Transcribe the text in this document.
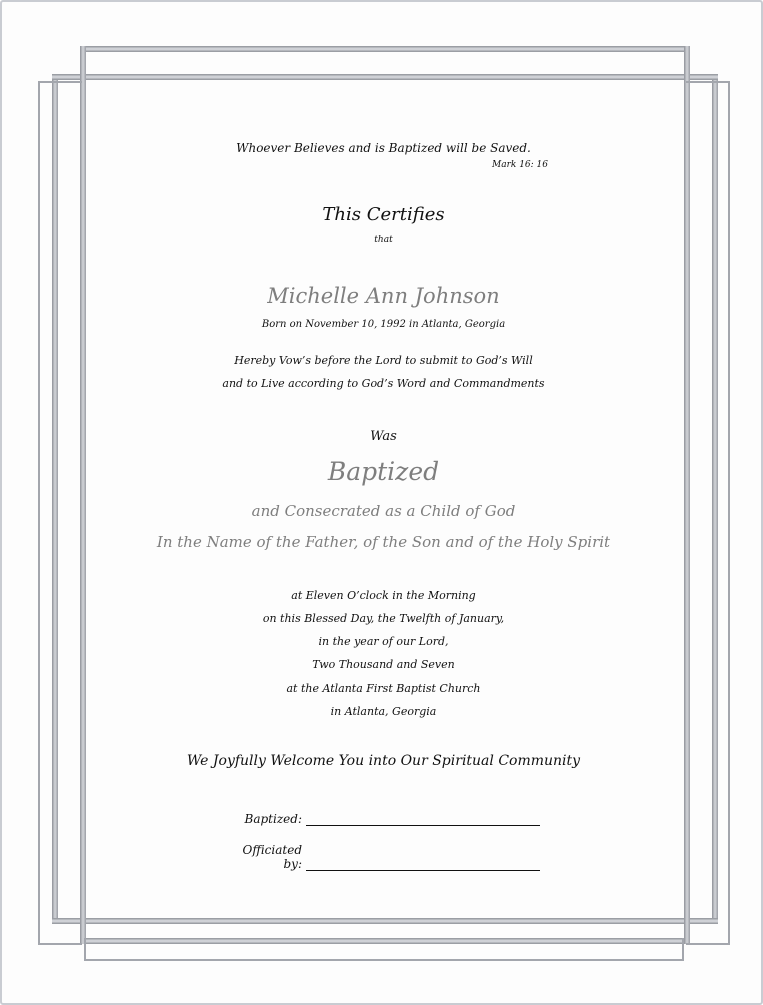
Whoever Believes and is Baptized will be Saved.
Mark 16: 16
This Certifies
that
Michelle Ann Johnson
Born on November 10, 1992 in Atlanta, Georgia
Hereby Vow’s before the Lord to submit to God’s Will
and to Live according to God’s Word and Commandments
Was
Baptized
and Consecrated as a Child of God
In the Name of the Father, of the Son and of the Holy Spirit
at Eleven O’clock in the Morning
on this Blessed Day, the Twelfth of January,
in the year of our Lord,
Two Thousand and Seven
at the Atlanta First Baptist Church
in Atlanta, Georgia
We Joyfully Welcome You into Our Spiritual Community
Baptized:
Officiated by:
